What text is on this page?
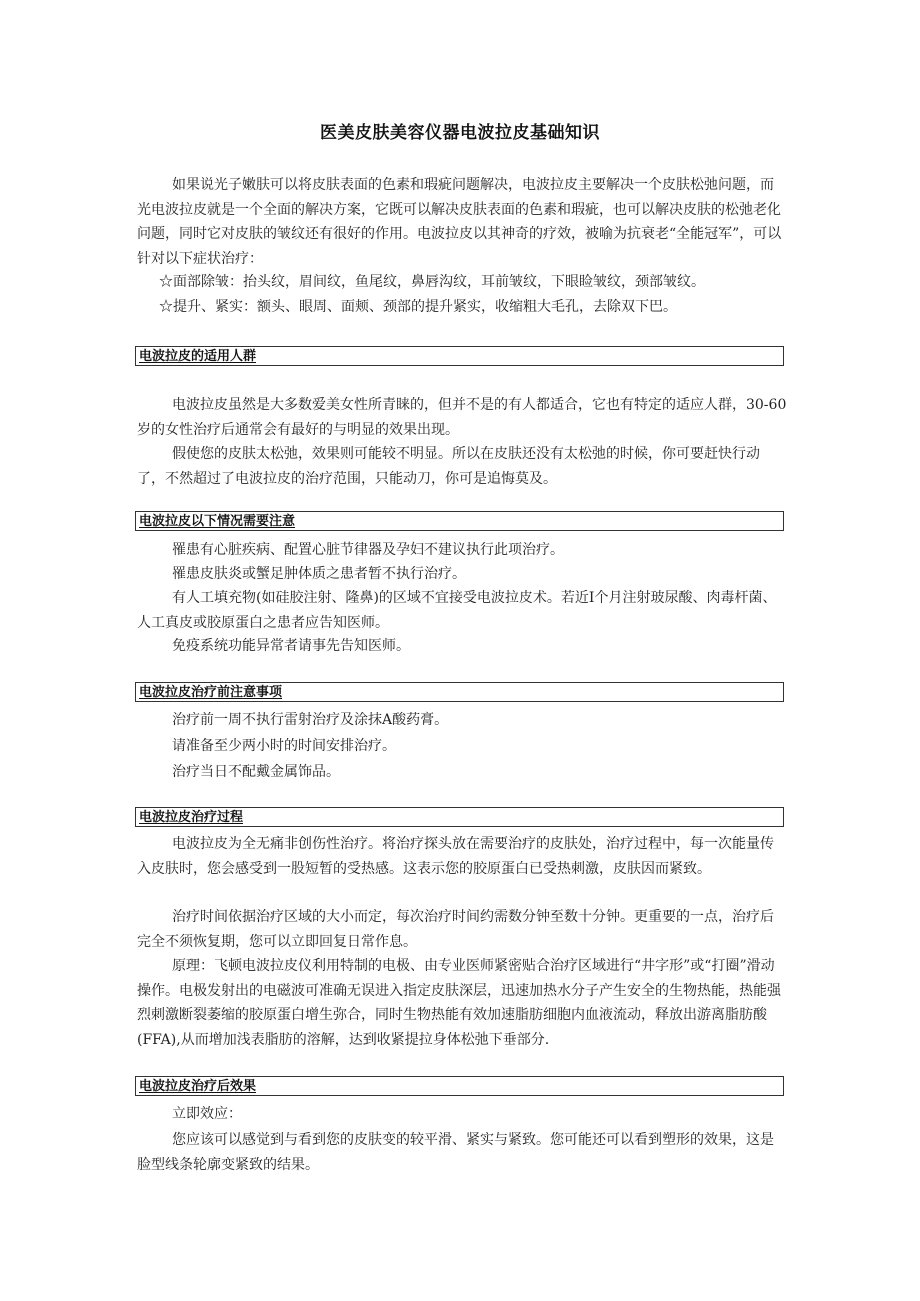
医美皮肤美容仪器电波拉皮基础知识

如果说光子嫩肤可以将皮肤表面的色素和瑕疵问题解决，电波拉皮主要解决一个皮肤松弛问题，而光电波拉皮就是一个全面的解决方案，它既可以解决皮肤表面的色素和瑕疵，也可以解决皮肤的松弛老化问题，同时它对皮肤的皱纹还有很好的作用。电波拉皮以其神奇的疗效，被喻为抗衰老“全能冠军”，可以针对以下症状治疗：

☆面部除皱：抬头纹，眉间纹，鱼尾纹，鼻唇沟纹，耳前皱纹，下眼睑皱纹，颈部皱纹。

☆提升、紧实：额头、眼周、面颊、颈部的提升紧实，收缩粗大毛孔，去除双下巴。

电波拉皮的适用人群

电波拉皮虽然是大多数爱美女性所青睐的，但并不是的有人都适合，它也有特定的适应人群，30-60岁的女性治疗后通常会有最好的与明显的效果出现。

假使您的皮肤太松弛，效果则可能较不明显。所以在皮肤还没有太松弛的时候，你可要赶快行动了，不然超过了电波拉皮的治疗范围，只能动刀，你可是追悔莫及。

电波拉皮以下情况需要注意

罹患有心脏疾病、配置心脏节律器及孕妇不建议执行此项治疗。

罹患皮肤炎或蟹足肿体质之患者暂不执行治疗。

有人工填充物(如硅胶注射、隆鼻)的区域不宜接受电波拉皮术。若近I个月注射玻尿酸、肉毒杆菌、人工真皮或胶原蛋白之患者应告知医师。

免疫系统功能异常者请事先告知医师。

电波拉皮治疗前注意事项

治疗前一周不执行雷射治疗及涂抹A酸药膏。

请准备至少两小时的时间安排治疗。

治疗当日不配戴金属饰品。

电波拉皮治疗过程

电波拉皮为全无痛非创伤性治疗。将治疗探头放在需要治疗的皮肤处，治疗过程中，每一次能量传入皮肤时，您会感受到一股短暂的受热感。这表示您的胶原蛋白已受热刺激，皮肤因而紧致。

治疗时间依据治疗区域的大小而定，每次治疗时间约需数分钟至数十分钟。更重要的一点，治疗后完全不须恢复期，您可以立即回复日常作息。

原理：飞顿电波拉皮仪利用特制的电极、由专业医师紧密贴合治疗区域进行“井字形”或“打圈”滑动操作。电极发射出的电磁波可准确无误进入指定皮肤深层，迅速加热水分子产生安全的生物热能，热能强烈刺激断裂萎缩的胶原蛋白增生弥合，同时生物热能有效加速脂肪细胞内血液流动，释放出游离脂肪酸(FFA),从而增加浅表脂肪的溶解，达到收紧提拉身体松弛下垂部分.

电波拉皮治疗后效果

立即效应：

您应该可以感觉到与看到您的皮肤变的较平滑、紧实与紧致。您可能还可以看到塑形的效果，这是脸型线条轮廓变紧致的结果。
